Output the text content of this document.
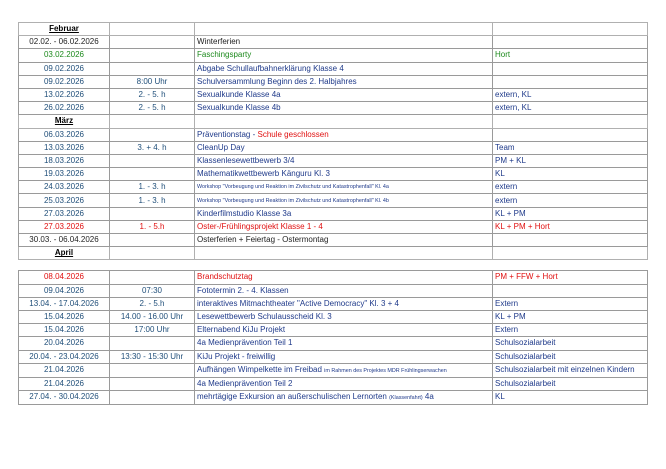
Februar			
02.02. - 06.02.2026		Winterferien	
03.02.2026		Faschingsparty	Hort
09.02.2026		Abgabe Schullaufbahnerklärung Klasse 4	
09.02.2026	8:00 Uhr	Schulversammlung Beginn des 2. Halbjahres	
13.02.2026	2. - 5. h	Sexualkunde Klasse 4a	extern, KL
26.02.2026	2. - 5. h	Sexualkunde Klasse 4b	extern, KL
März			
06.03.2026		Präventionstag - Schule geschlossen	
13.03.2026	3. + 4. h	CleanUp Day	Team
18.03.2026		Klassenlesewettbewerb 3/4	PM + KL
19.03.2026		Mathematikwettbewerb Känguru Kl. 3	KL
24.03.2026	1. - 3. h	Workshop "Vorbeugung und Reaktion im Zivilschutz und Katastrophenfall" Kl. 4a	extern
25.03.2026	1. - 3. h	Workshop "Vorbeugung und Reaktion im Zivilschutz und Katastrophenfall" Kl. 4b	extern
27.03.2026		Kinderfilmstudio Klasse 3a	KL + PM
27.03.2026	1. - 5.h	Oster-/Frühlingsprojekt Klasse 1 - 4	KL + PM + Hort
30.03. - 06.04.2026		Osterferien + Feiertag - Ostermontag	
April			

08.04.2026		Brandschutztag	PM + FFW + Hort
09.04.2026	07:30	Fototermin 2. - 4. Klassen	
13.04. - 17.04.2026	2. - 5.h	interaktives Mitmachtheater "Active Democracy" Kl. 3 + 4	Extern
15.04.2026	14.00 - 16.00 Uhr	Lesewettbewerb Schulausscheid Kl. 3	KL + PM
15.04.2026	17:00 Uhr	Elternabend KiJu Projekt	Extern
20.04.2026		4a Medienprävention Teil 1	Schulsozialarbeit
20.04. - 23.04.2026	13:30 - 15:30 Uhr	KiJu Projekt - freiwillig	Schulsozialarbeit
21.04.2026		Aufhängen Wimpelkette im Freibad im Rahmen des Projektes MDR Frühlingserwachen	Schulsozialarbeit mit einzelnen Kindern
21.04.2026		4a Medienprävention Teil 2	Schulsozialarbeit
27.04. - 30.04.2026		mehrtägige Exkursion an außerschulischen Lernorten (Klassenfahrt) 4a	KL
